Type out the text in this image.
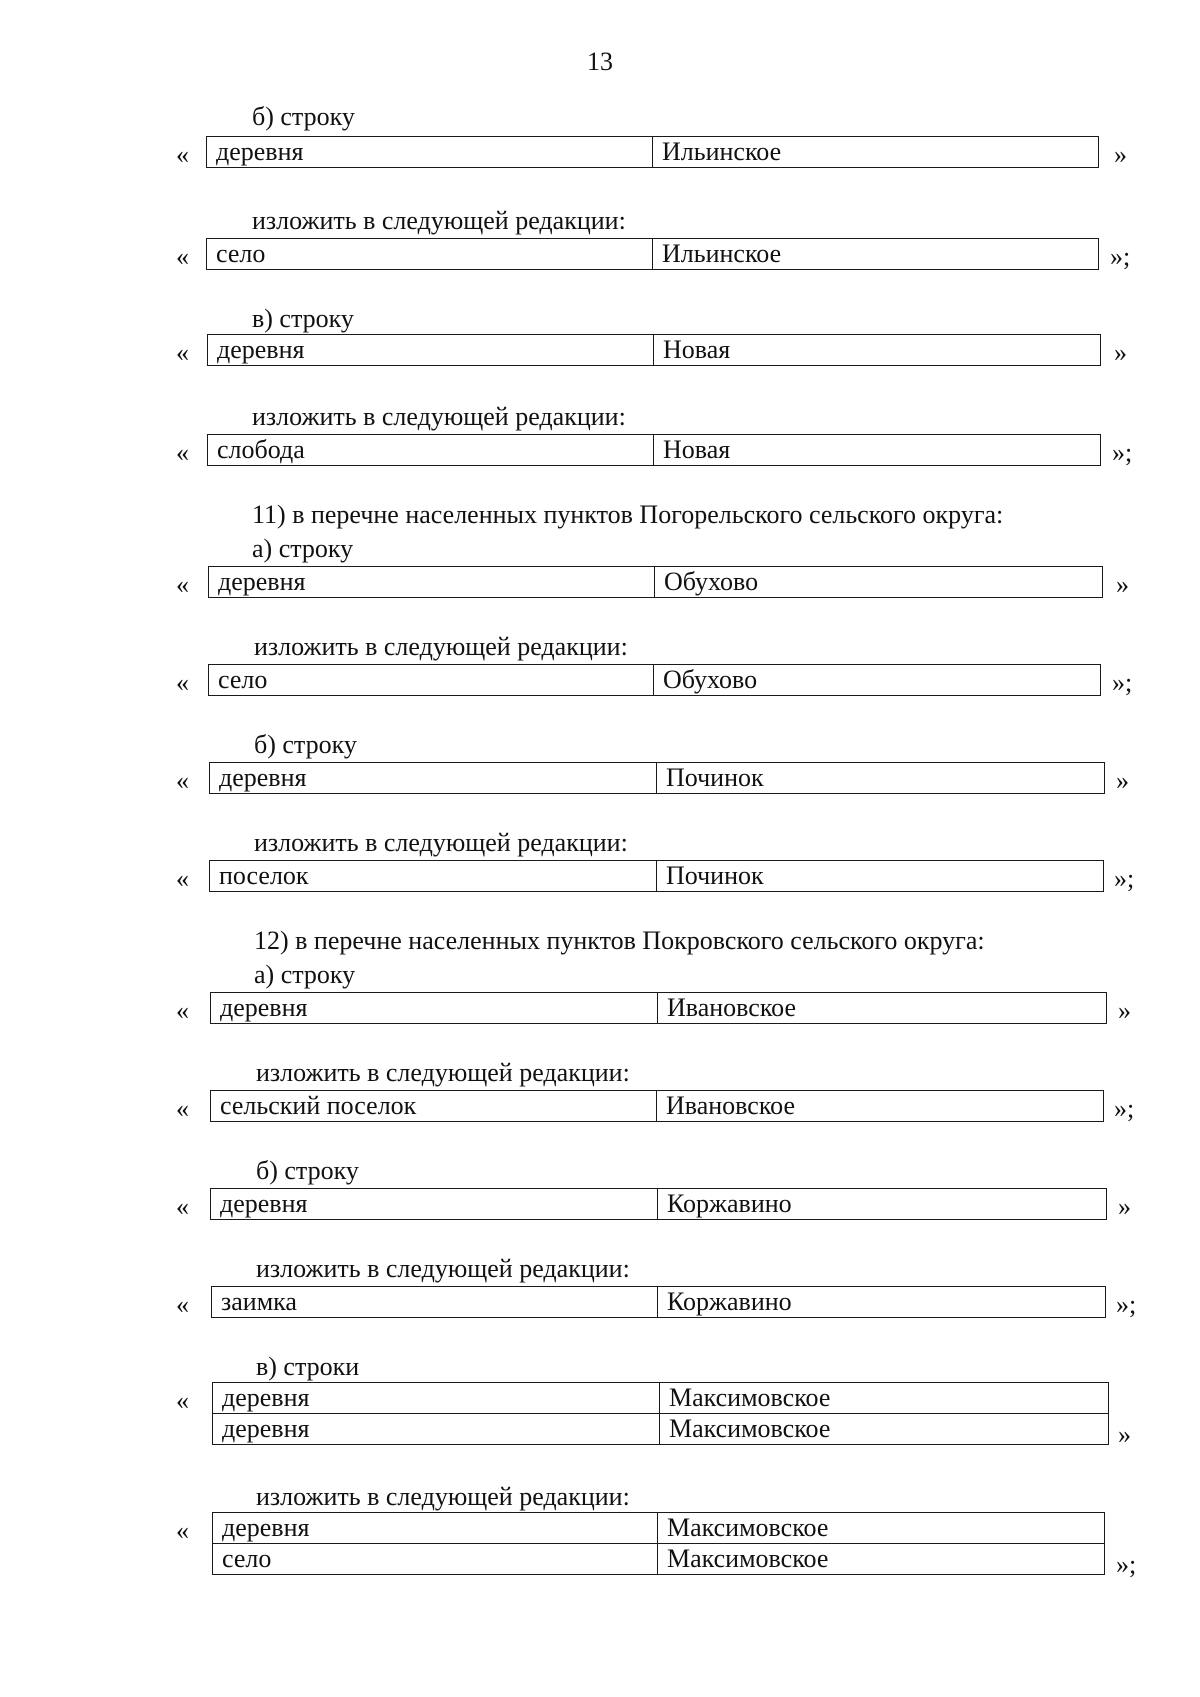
13
б) строку
« деревня	Ильинское	»
изложить в следующей редакции:
« село	Ильинское	»;
в) строку
« деревня	Новая	»
изложить в следующей редакции:
« слобода	Новая	»;
11) в перечне населенных пунктов Погорельского сельского округа:
а) строку
« деревня	Обухово	»
изложить в следующей редакции:
« село	Обухово	»;
б) строку
« деревня	Починок	»
изложить в следующей редакции:
« поселок	Починок	»;
12) в перечне населенных пунктов Покровского сельского округа:
а) строку
« деревня	Ивановское	»
изложить в следующей редакции:
« сельский поселок	Ивановское	»;
б) строку
« деревня	Коржавино	»
изложить в следующей редакции:
« заимка	Коржавино	»;
в) строки
« деревня	Максимовское
деревня	Максимовское	»
изложить в следующей редакции:
« деревня	Максимовское
село	Максимовское	»;
